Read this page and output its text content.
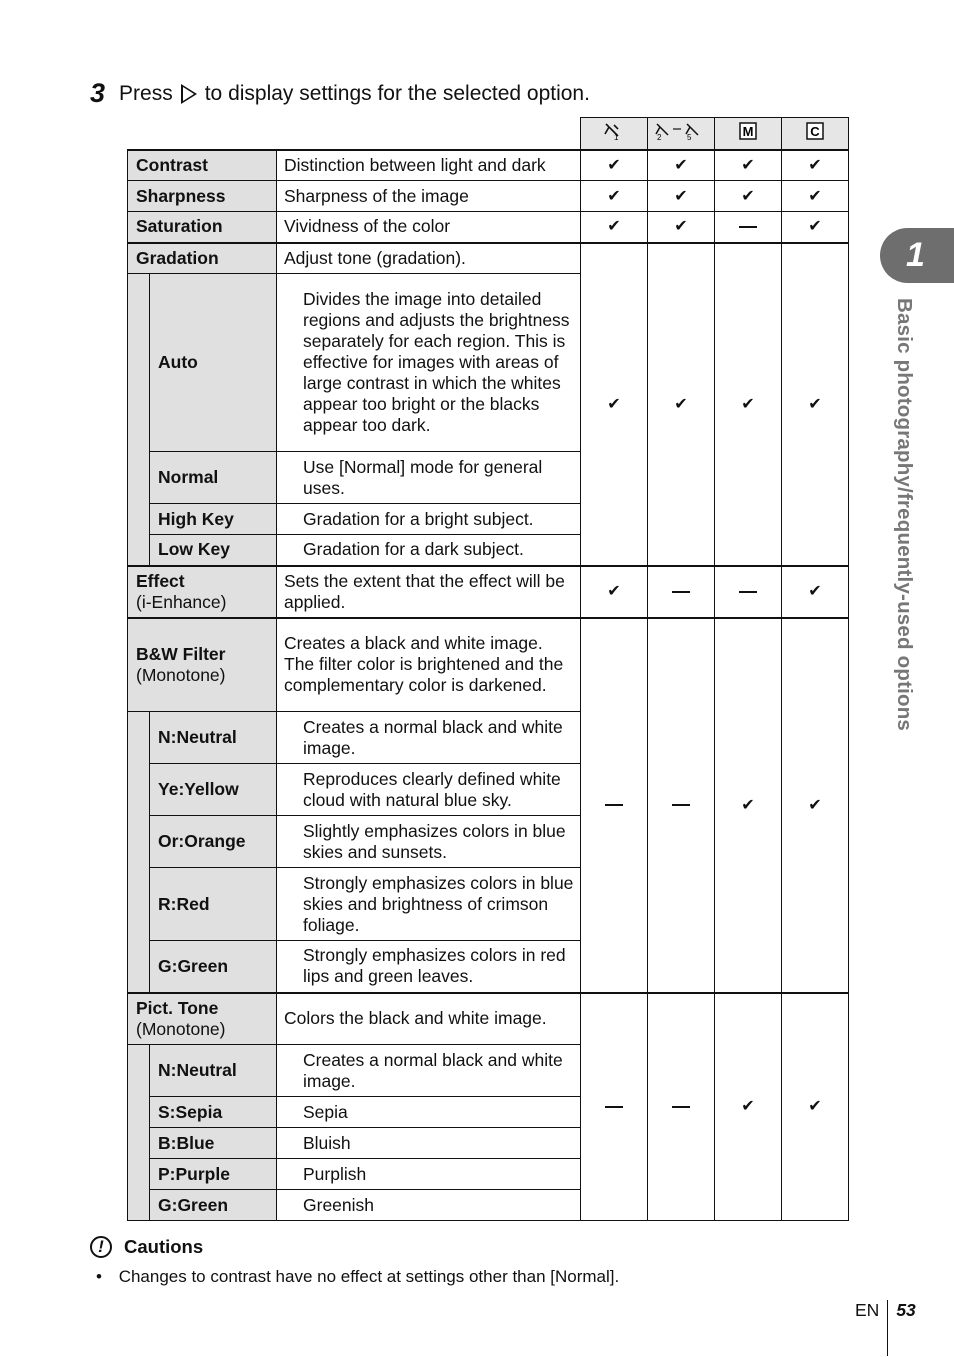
3 Press to display settings for the selected option.

1	2 5	M	C

Contrast		Distinction between light and dark	✔	✔	✔	✔
Sharpness		Sharpness of the image	✔	✔	✔	✔
Saturation		Vividness of the color	✔	✔		✔
Gradation		Adjust tone (gradation).	✔	✔	✔	✔
	Auto	Divides the image into detailed regions and adjusts the brightness separately for each region. This is effective for images with areas of large contrast in which the whites appear too bright or the blacks appear too dark.				
	Normal	Use [Normal] mode for general uses.				
	High Key	Gradation for a bright subject.				
	Low Key	Gradation for a dark subject.				
Effect
(i-Enhance)		Sets the extent that the effect will be applied.	✔			✔
B&W Filter
(Monotone)		Creates a black and white image. The filter color is brightened and the complementary color is darkened.			✔	✔
	N:Neutral	Creates a normal black and white image.				
	Ye:Yellow	Reproduces clearly defined white cloud with natural blue sky.				
	Or:Orange	Slightly emphasizes colors in blue skies and sunsets.				
	R:Red	Strongly emphasizes colors in blue skies and brightness of crimson foliage.				
	G:Green	Strongly emphasizes colors in red lips and green leaves.				
Pict. Tone
(Monotone)		Colors the black and white image.			✔	✔
	N:Neutral	Creates a normal black and white image.				
	S:Sepia	Sepia				
	B:Blue	Bluish				
	P:Purple	Purplish				
	G:Green	Greenish				
1
Basic photography/frequently-used options
!	Cautions
• Changes to contrast have no effect at settings other than [Normal].
EN 53
